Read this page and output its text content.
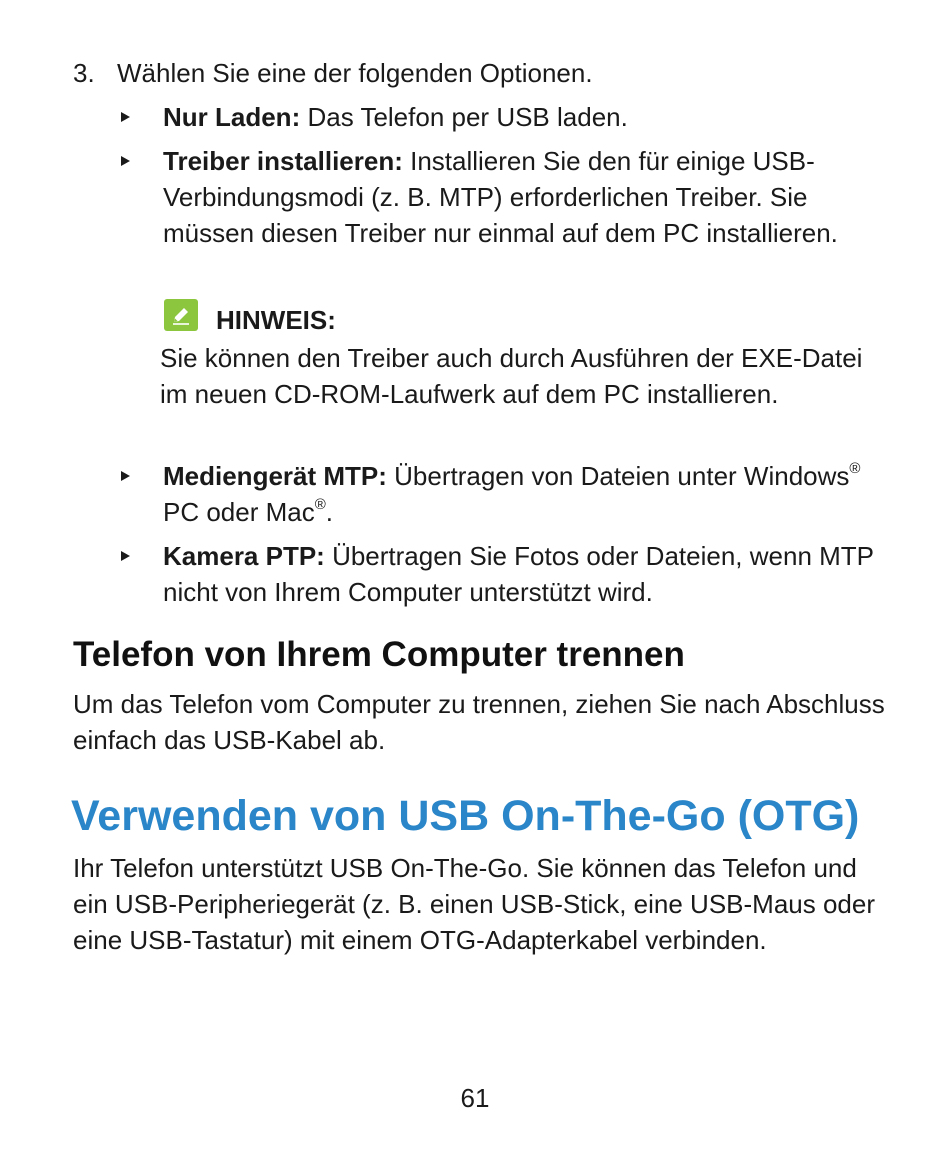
3. Wählen Sie eine der folgenden Optionen.
Nur Laden: Das Telefon per USB laden.
Treiber installieren: Installieren Sie den für einige USB-Verbindungsmodi (z. B. MTP) erforderlichen Treiber. Sie müssen diesen Treiber nur einmal auf dem PC installieren.
HINWEIS:
Sie können den Treiber auch durch Ausführen der EXE-Datei im neuen CD-ROM-Laufwerk auf dem PC installieren.
Mediengerät MTP: Übertragen von Dateien unter Windows® PC oder Mac®.
Kamera PTP: Übertragen Sie Fotos oder Dateien, wenn MTP nicht von Ihrem Computer unterstützt wird.
Telefon von Ihrem Computer trennen
Um das Telefon vom Computer zu trennen, ziehen Sie nach Abschluss einfach das USB-Kabel ab.
Verwenden von USB On-The-Go (OTG)
Ihr Telefon unterstützt USB On-The-Go. Sie können das Telefon und ein USB-Peripheriegerät (z. B. einen USB-Stick, eine USB-Maus oder eine USB-Tastatur) mit einem OTG-Adapterkabel verbinden.
61
